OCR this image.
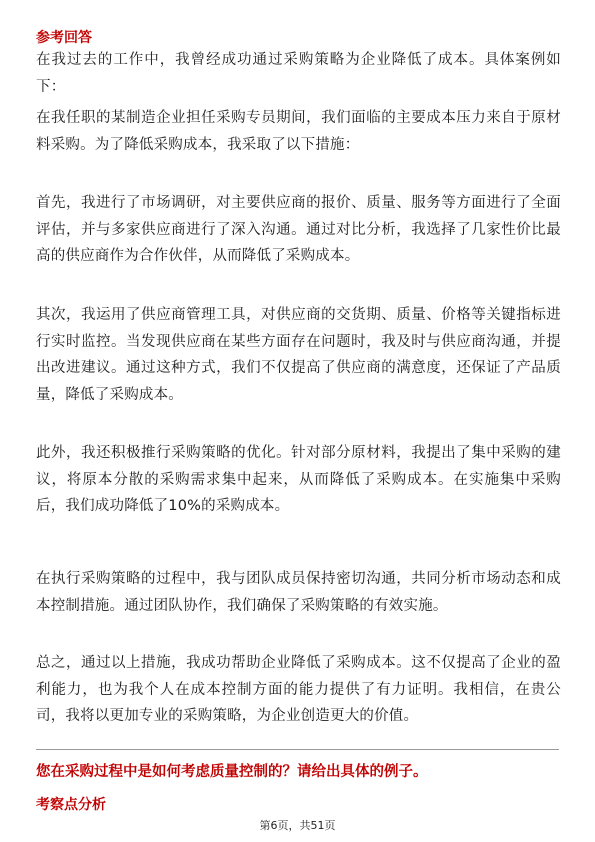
参考回答

在我过去的工作中，我曾经成功通过采购策略为企业降低了成本。具体案例如下：

在我任职的某制造企业担任采购专员期间，我们面临的主要成本压力来自于原材料采购。为了降低采购成本，我采取了以下措施：

首先，我进行了市场调研，对主要供应商的报价、质量、服务等方面进行了全面评估，并与多家供应商进行了深入沟通。通过对比分析，我选择了几家性价比最高的供应商作为合作伙伴，从而降低了采购成本。

其次，我运用了供应商管理工具，对供应商的交货期、质量、价格等关键指标进行实时监控。当发现供应商在某些方面存在问题时，我及时与供应商沟通，并提出改进建议。通过这种方式，我们不仅提高了供应商的满意度，还保证了产品质量，降低了采购成本。

此外，我还积极推行采购策略的优化。针对部分原材料，我提出了集中采购的建议，将原本分散的采购需求集中起来，从而降低了采购成本。在实施集中采购后，我们成功降低了10%的采购成本。

在执行采购策略的过程中，我与团队成员保持密切沟通，共同分析市场动态和成本控制措施。通过团队协作，我们确保了采购策略的有效实施。

总之，通过以上措施，我成功帮助企业降低了采购成本。这不仅提高了企业的盈利能力，也为我个人在成本控制方面的能力提供了有力证明。我相信，在贵公司，我将以更加专业的采购策略，为企业创造更大的价值。

您在采购过程中是如何考虑质量控制的？请给出具体的例子。

考察点分析

第6页，共51页
